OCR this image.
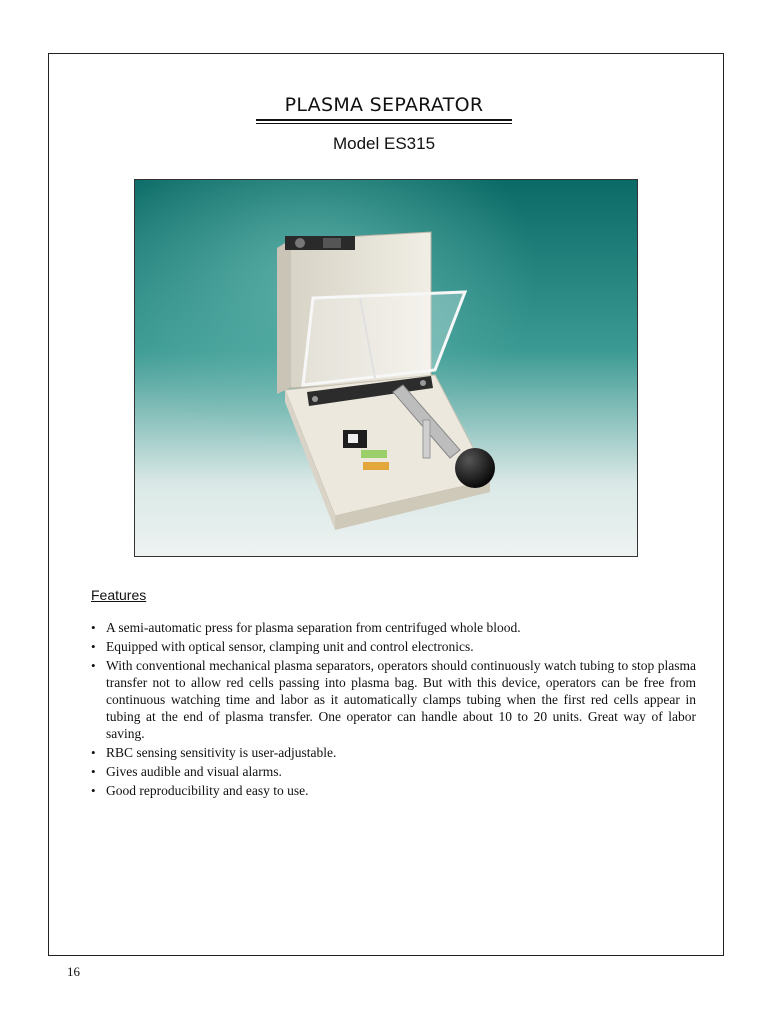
PLASMA SEPARATOR
Model ES315
Features
• A semi-automatic press for plasma separation from centrifuged whole blood.
• Equipped with optical sensor, clamping unit and control electronics.
• With conventional mechanical plasma separators, operators should continuously watch tubing to stop plasma transfer not to allow red cells passing into plasma bag. But with this device, operators can be free from continuous watching time and labor as it automatically clamps tubing when the first red cells appear in tubing at the end of plasma transfer. One operator can handle about 10 to 20 units. Great way of labor saving.
• RBC sensing sensitivity is user-adjustable.
• Gives audible and visual alarms.
• Good reproducibility and easy to use.
16
